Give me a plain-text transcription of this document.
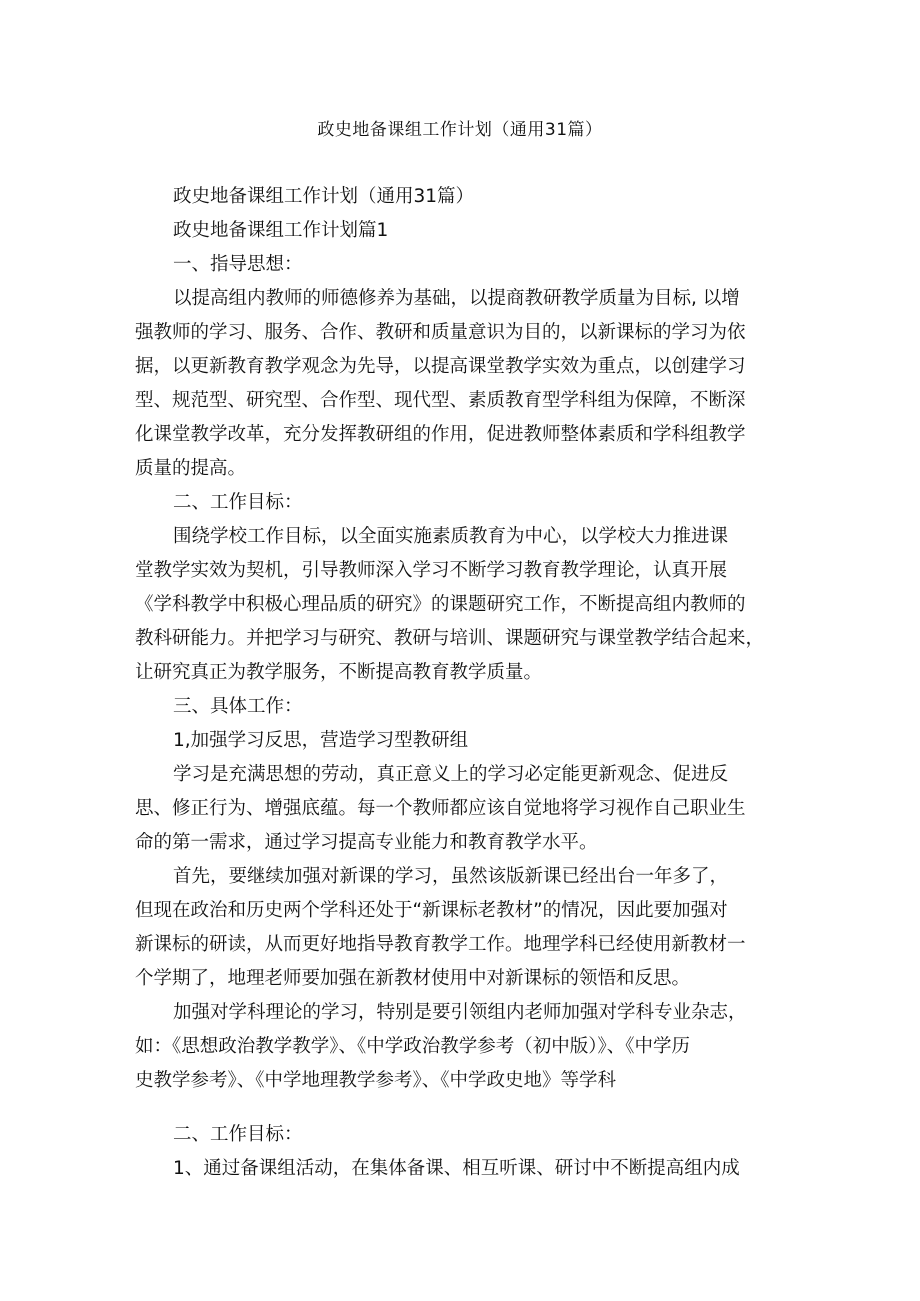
政史地备课组工作计划（通用31篇）

政史地备课组工作计划（通用31篇）

政史地备课组工作计划篇1

一、指导思想：

以提高组内教师的师德修养为基础，以提商教研教学质量为目标, 以增

强教师的学习、服务、合作、教研和质量意识为目的，以新课标的学习为依

据，以更新教育教学观念为先导，以提高课堂教学实效为重点，以创建学习

型、规范型、研究型、合作型、现代型、素质教育型学科组为保障，不断深

化课堂教学改革，充分发挥教研组的作用，促进教师整体素质和学科组教学

质量的提高。

二、工作目标：

围绕学校工作目标，以全面实施素质教育为中心，以学校大力推进课

堂教学实效为契机，引导教师深入学习不断学习教育教学理论，认真开展

《学科教学中积极心理品质的研究》的课题研究工作，不断提高组内教师的

教科研能力。并把学习与研究、教研与培训、课题研究与课堂教学结合起来，

让研究真正为教学服务，不断提高教育教学质量。

三、具体工作：

1,加强学习反思，营造学习型教研组

学习是充满思想的劳动，真正意义上的学习必定能更新观念、促进反

思、修正行为、增强底蕴。每一个教师都应该自觉地将学习视作自己职业生

命的第一需求，通过学习提高专业能力和教育教学水平。

首先，要继续加强对新课的学习，虽然该版新课已经出台一年多了，

但现在政治和历史两个学科还处于“新课标老教材”的情况，因此要加强对

新课标的研读，从而更好地指导教育教学工作。地理学科已经使用新教材一

个学期了，地理老师要加强在新教材使用中对新课标的领悟和反思。

加强对学科理论的学习，特别是要引领组内老师加强对学科专业杂志，

如：《思想政治教学教学》、《中学政治教学参考（初中版）》、《中学历

史教学参考》、《中学地理教学参考》、《中学政史地》等学科

二、工作目标：

1、通过备课组活动，在集体备课、相互听课、研讨中不断提高组内成
